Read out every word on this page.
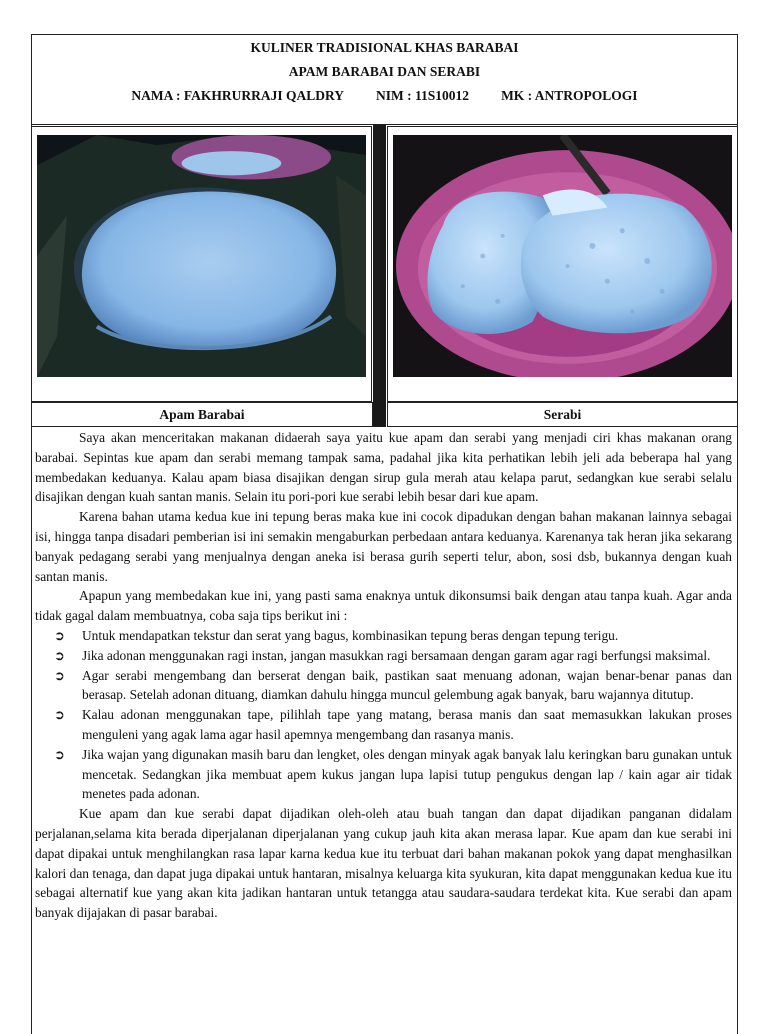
KULINER TRADISIONAL KHAS BARABAI
APAM BARABAI DAN SERABI
NAMA : FAKHRURRAJI QALDRY NIM : 11S10012 MK : ANTROPOLOGI
Apam Barabai	Serabi

Saya akan menceritakan makanan didaerah saya yaitu kue apam dan serabi yang menjadi ciri khas makanan orang barabai. Sepintas kue apam dan serabi memang tampak sama, padahal jika kita perhatikan lebih jeli ada beberapa hal yang membedakan keduanya. Kalau apam biasa disajikan dengan sirup gula merah atau kelapa parut, sedangkan kue serabi selalu disajikan dengan kuah santan manis. Selain itu pori-pori kue serabi lebih besar dari kue apam.

Karena bahan utama kedua kue ini tepung beras maka kue ini cocok dipadukan dengan bahan makanan lainnya sebagai isi, hingga tanpa disadari pemberian isi ini semakin mengaburkan perbedaan antara keduanya. Karenanya tak heran jika sekarang banyak pedagang serabi yang menjualnya dengan aneka isi berasa gurih seperti telur, abon, sosi dsb, bukannya dengan kuah santan manis.

Apapun yang membedakan kue ini, yang pasti sama enaknya untuk dikonsumsi baik dengan atau tanpa kuah. Agar anda tidak gagal dalam membuatnya, coba saja tips berikut ini :

➲ Untuk mendapatkan tekstur dan serat yang bagus, kombinasikan tepung beras dengan tepung terigu.
➲ Jika adonan menggunakan ragi instan, jangan masukkan ragi bersamaan dengan garam agar ragi berfungsi maksimal.
➲ Agar serabi mengembang dan berserat dengan baik, pastikan saat menuang adonan, wajan benar-benar panas dan berasap. Setelah adonan dituang, diamkan dahulu hingga muncul gelembung agak banyak, baru wajannya ditutup.
➲ Kalau adonan menggunakan tape, pilihlah tape yang matang, berasa manis dan saat memasukkan lakukan proses menguleni yang agak lama agar hasil apemnya mengembang dan rasanya manis.
➲ Jika wajan yang digunakan masih baru dan lengket, oles dengan minyak agak banyak lalu keringkan baru gunakan untuk mencetak. Sedangkan jika membuat apem kukus jangan lupa lapisi tutup pengukus dengan lap / kain agar air tidak menetes pada adonan.

Kue apam dan kue serabi dapat dijadikan oleh-oleh atau buah tangan dan dapat dijadikan panganan didalam perjalanan,selama kita berada diperjalanan diperjalanan yang cukup jauh kita akan merasa lapar. Kue apam dan kue serabi ini dapat dipakai untuk menghilangkan rasa lapar karna kedua kue itu terbuat dari bahan makanan pokok yang dapat menghasilkan kalori dan tenaga, dan dapat juga dipakai untuk hantaran, misalnya keluarga kita syukuran, kita dapat menggunakan kedua kue itu sebagai alternatif kue yang akan kita jadikan hantaran untuk tetangga atau saudara-saudara terdekat kita. Kue serabi dan apam banyak dijajakan di pasar barabai.
